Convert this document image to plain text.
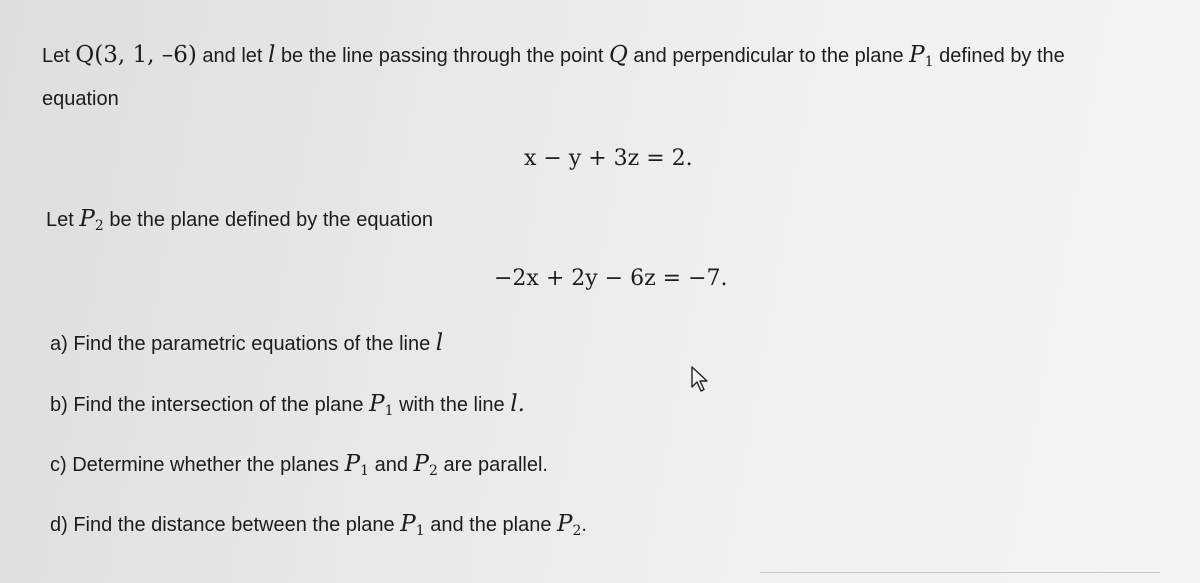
Let Q(3, 1, –6) and let l be the line passing through the point Q and perpendicular to the plane $P_1$ defined by the
equation
x − y + 3z = 2.
Let $P_2$ be the plane defined by the equation
−2x + 2y − 6z = −7.
a) Find the parametric equations of the line l
b) Find the intersection of the plane $P_1$ with the line l.
c) Determine whether the planes $P_1$ and $P_2$ are parallel.
d) Find the distance between the plane $P_1$ and the plane $P_2$.
